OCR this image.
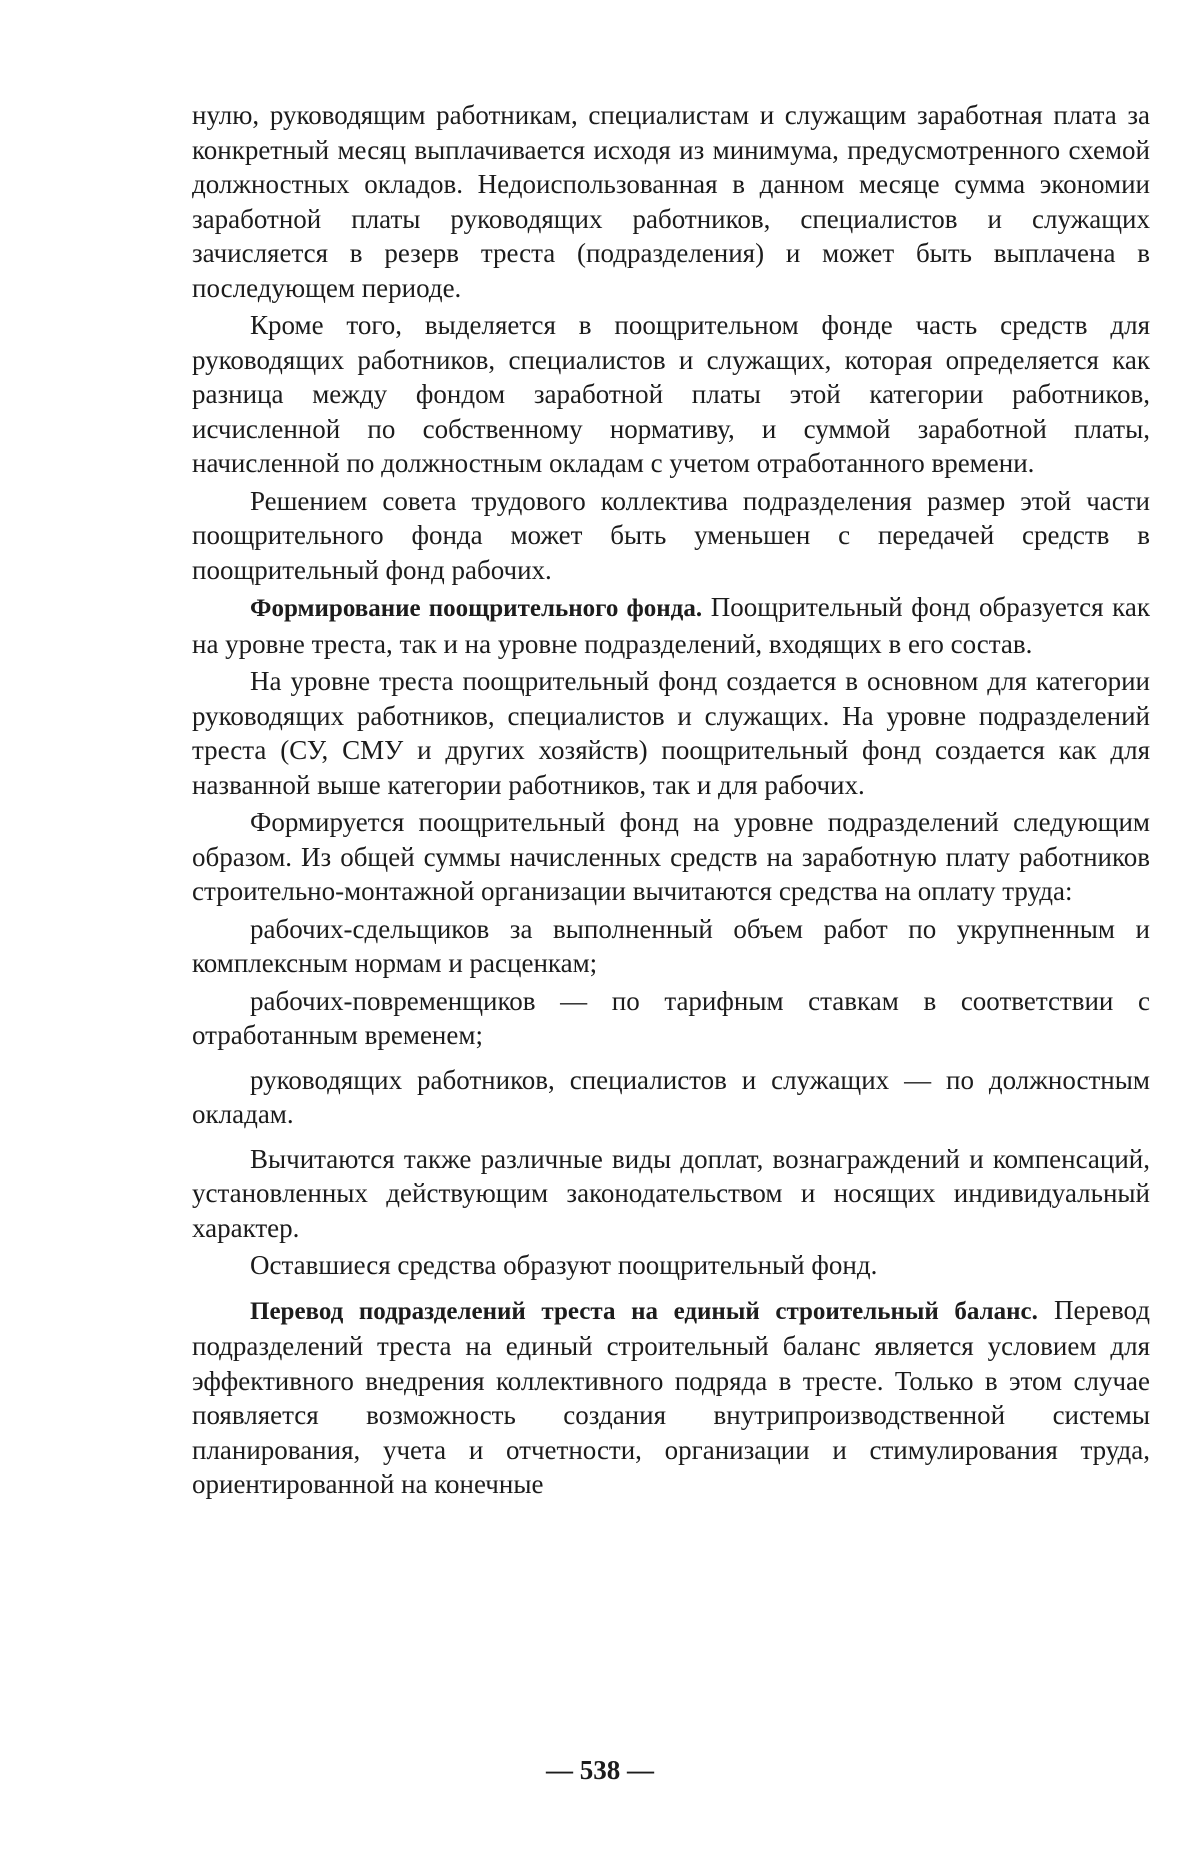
нулю, руководящим работникам, специалистам и служащим заработная плата за конкретный месяц выплачивается исходя из минимума, предусмотренного схемой должностных окладов. Недоиспользованная в данном месяце сумма экономии заработной платы руководящих работников, специалистов и служащих зачисляется в резерв треста (подразделения) и может быть выплачена в последующем периоде.

Кроме того, выделяется в поощрительном фонде часть средств для руководящих работников, специалистов и служащих, которая определяется как разница между фондом заработной платы этой категории работников, исчисленной по собственному нормативу, и суммой заработной платы, начисленной по должностным окладам с учетом отработанного времени.

Решением совета трудового коллектива подразделения размер этой части поощрительного фонда может быть уменьшен с передачей средств в поощрительный фонд рабочих.

Формирование поощрительного фонда. Поощрительный фонд образуется как на уровне треста, так и на уровне подразделений, входящих в его состав.

На уровне треста поощрительный фонд создается в основном для категории руководящих работников, специалистов и служащих. На уровне подразделений треста (СУ, СМУ и других хозяйств) поощрительный фонд создается как для названной выше категории работников, так и для рабочих.

Формируется поощрительный фонд на уровне подразделений следующим образом. Из общей суммы начисленных средств на заработную плату работников строительно-монтажной организации вычитаются средства на оплату труда:

рабочих-сдельщиков за выполненный объем работ по укрупненным и комплексным нормам и расценкам;

рабочих-повременщиков — по тарифным ставкам в соответствии с отработанным временем;

руководящих работников, специалистов и служащих — по должностным окладам.

Вычитаются также различные виды доплат, вознаграждений и компенсаций, установленных действующим законодательством и носящих индивидуальный характер.

Оставшиеся средства образуют поощрительный фонд.

Перевод подразделений треста на единый строительный баланс. Перевод подразделений треста на единый строительный баланс является условием для эффективного внедрения коллективного подряда в тресте. Только в этом случае появляется возможность создания внутрипроизводственной системы планирования, учета и отчетности, организации и стимулирования труда, ориентированной на конечные

— 538 —
